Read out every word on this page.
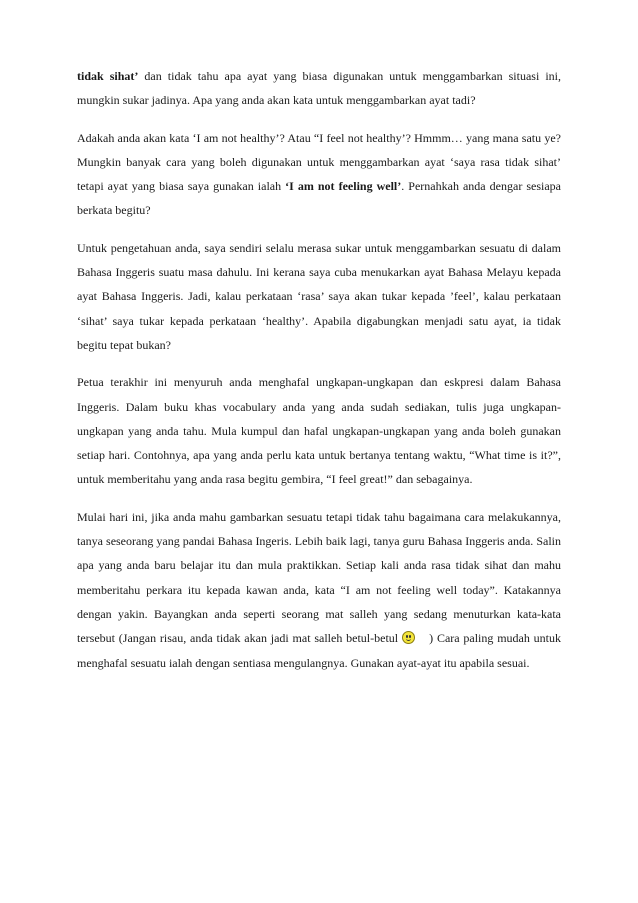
tidak sihat’ dan tidak tahu apa ayat yang biasa digunakan untuk menggambarkan situasi ini, mungkin sukar jadinya. Apa yang anda akan kata untuk menggambarkan ayat tadi?

Adakah anda akan kata ‘I am not healthy’? Atau “I feel not healthy’? Hmmm… yang mana satu ye? Mungkin banyak cara yang boleh digunakan untuk menggambarkan ayat ‘saya rasa tidak sihat’ tetapi ayat yang biasa saya gunakan ialah ‘I am not feeling well’. Pernahkah anda dengar sesiapa berkata begitu?

Untuk pengetahuan anda, saya sendiri selalu merasa sukar untuk menggambarkan sesuatu di dalam Bahasa Inggeris suatu masa dahulu. Ini kerana saya cuba menukarkan ayat Bahasa Melayu kepada ayat Bahasa Inggeris. Jadi, kalau perkataan ‘rasa’ saya akan tukar kepada ’feel’, kalau perkataan ‘sihat’ saya tukar kepada perkataan ‘healthy’. Apabila digabungkan menjadi satu ayat, ia tidak begitu tepat bukan?

Petua terakhir ini menyuruh anda menghafal ungkapan-ungkapan dan eskpresi dalam Bahasa Inggeris. Dalam buku khas vocabulary anda yang anda sudah sediakan, tulis juga ungkapan-ungkapan yang anda tahu. Mula kumpul dan hafal ungkapan-ungkapan yang anda boleh gunakan setiap hari. Contohnya, apa yang anda perlu kata untuk bertanya tentang waktu, “What time is it?”, untuk memberitahu yang anda rasa begitu gembira, “I feel great!” dan sebagainya.

Mulai hari ini, jika anda mahu gambarkan sesuatu tetapi tidak tahu bagaimana cara melakukannya, tanya seseorang yang pandai Bahasa Ingeris. Lebih baik lagi, tanya guru Bahasa Inggeris anda. Salin apa yang anda baru belajar itu dan mula praktikkan. Setiap kali anda rasa tidak sihat dan mahu memberitahu perkara itu kepada kawan anda, kata “I am not feeling well today”. Katakannya dengan yakin. Bayangkan anda seperti seorang mat salleh yang sedang menuturkan kata-kata tersebut (Jangan risau, anda tidak akan jadi mat salleh betul-betul	) Cara paling mudah untuk menghafal sesuatu ialah dengan sentiasa mengulangnya. Gunakan ayat-ayat itu apabila sesuai.
